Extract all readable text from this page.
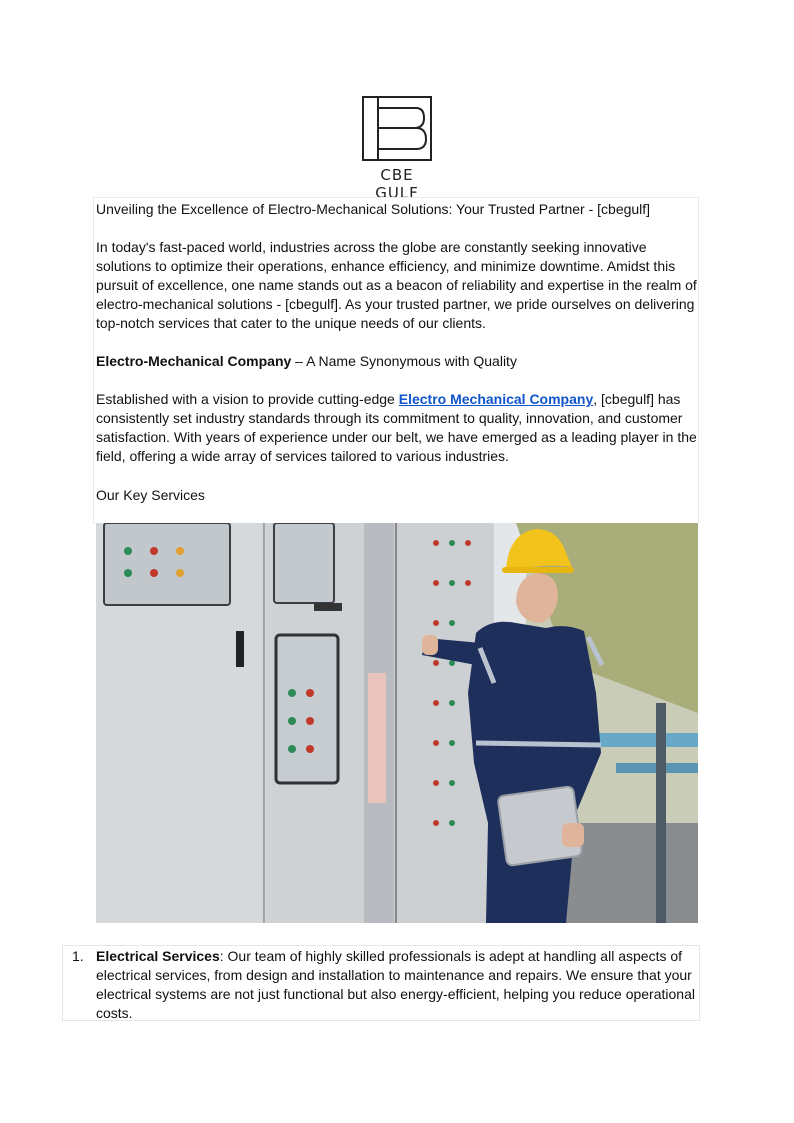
CBE GULF
Unveiling the Excellence of Electro-Mechanical Solutions: Your Trusted Partner - [cbegulf]
In today's fast-paced world, industries across the globe are constantly seeking innovative solutions to optimize their operations, enhance efficiency, and minimize downtime. Amidst this pursuit of excellence, one name stands out as a beacon of reliability and expertise in the realm of electro-mechanical solutions - [cbegulf]. As your trusted partner, we pride ourselves on delivering top-notch services that cater to the unique needs of our clients.
Electro-Mechanical Company – A Name Synonymous with Quality
Established with a vision to provide cutting-edge Electro Mechanical Company, [cbegulf] has consistently set industry standards through its commitment to quality, innovation, and customer satisfaction. With years of experience under our belt, we have emerged as a leading player in the field, offering a wide array of services tailored to various industries.
Our Key Services
1. Electrical Services: Our team of highly skilled professionals is adept at handling all aspects of electrical services, from design and installation to maintenance and repairs. We ensure that your electrical systems are not just functional but also energy-efficient, helping you reduce operational costs.
